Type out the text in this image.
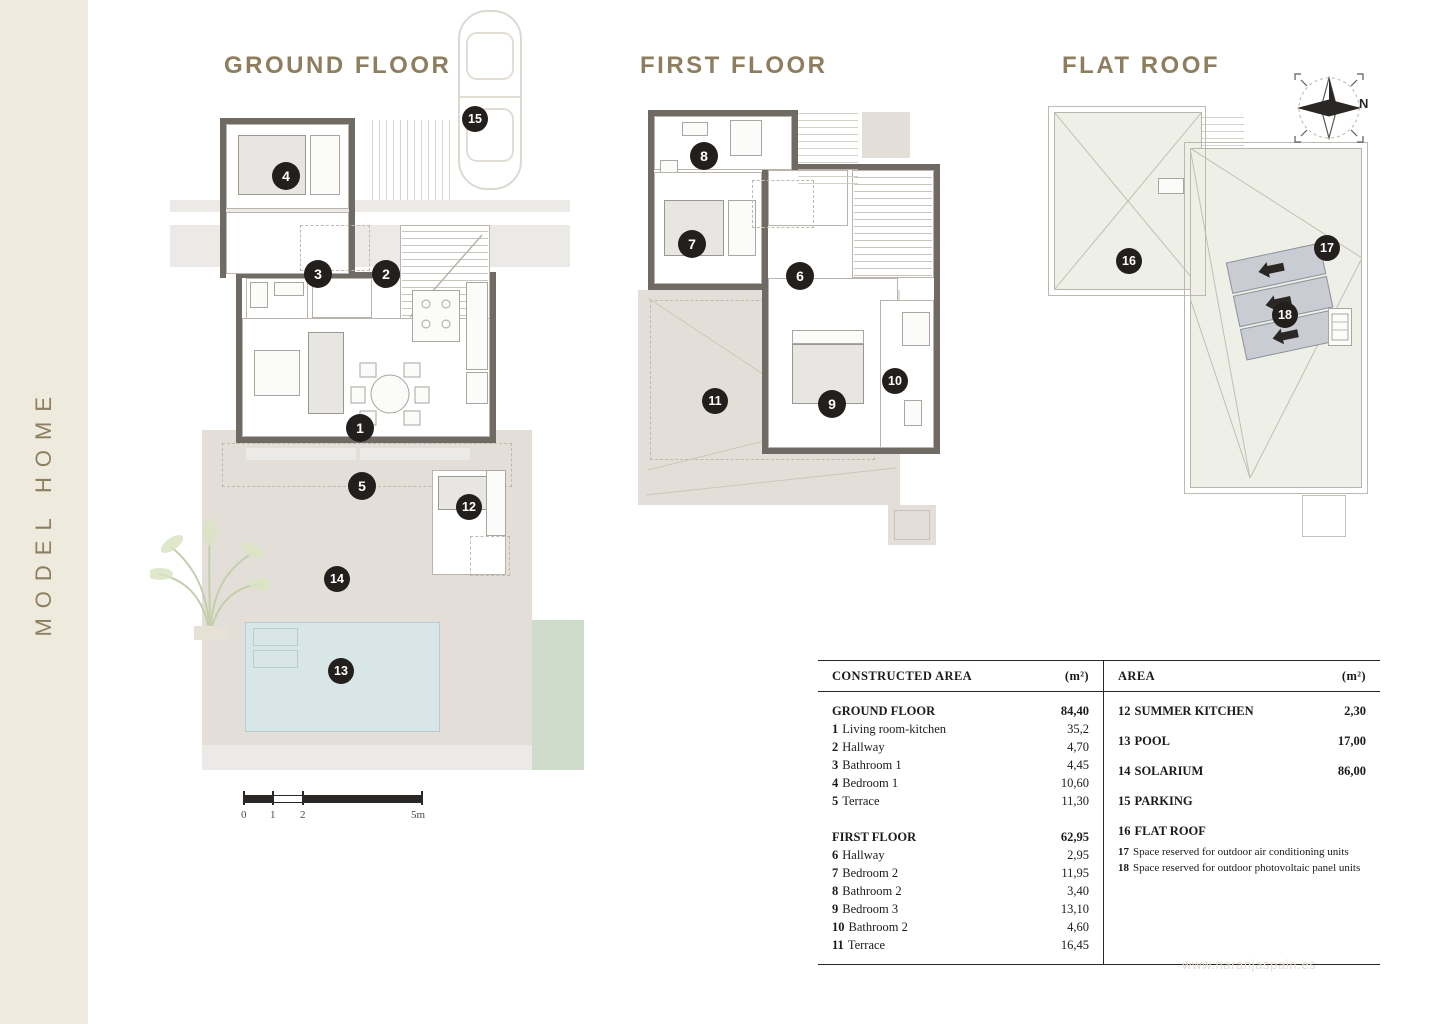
MODEL HOME
GROUND FLOOR	FIRST FLOOR	FLAT ROOF
4
3	2
1
5
12
14
13
15
8
7
6
9
10
11
16
17
18
N
0 1 2	5m
CONSTRUCTED AREA	(m²)
GROUND FLOOR	84,40
1 Living room-kitchen	35,2
2 Hallway	4,70
3 Bathroom 1	4,45
4 Bedroom 1	10,60
5 Terrace	11,30
FIRST FLOOR	62,95
6 Hallway	2,95
7 Bedroom 2	11,95
8 Bathroom 2	3,40
9 Bedroom 3	13,10
10 Bathroom 2	4,60
11 Terrace	16,45
AREA	(m²)
12 SUMMER KITCHEN	2,30
13 POOL	17,00
14 SOLARIUM	86,00
15 PARKING
16 FLAT ROOF
17 Space reserved for outdoor air conditioning units
18 Space reserved for outdoor photovoltaic panel units
www.naranjaspain.es
